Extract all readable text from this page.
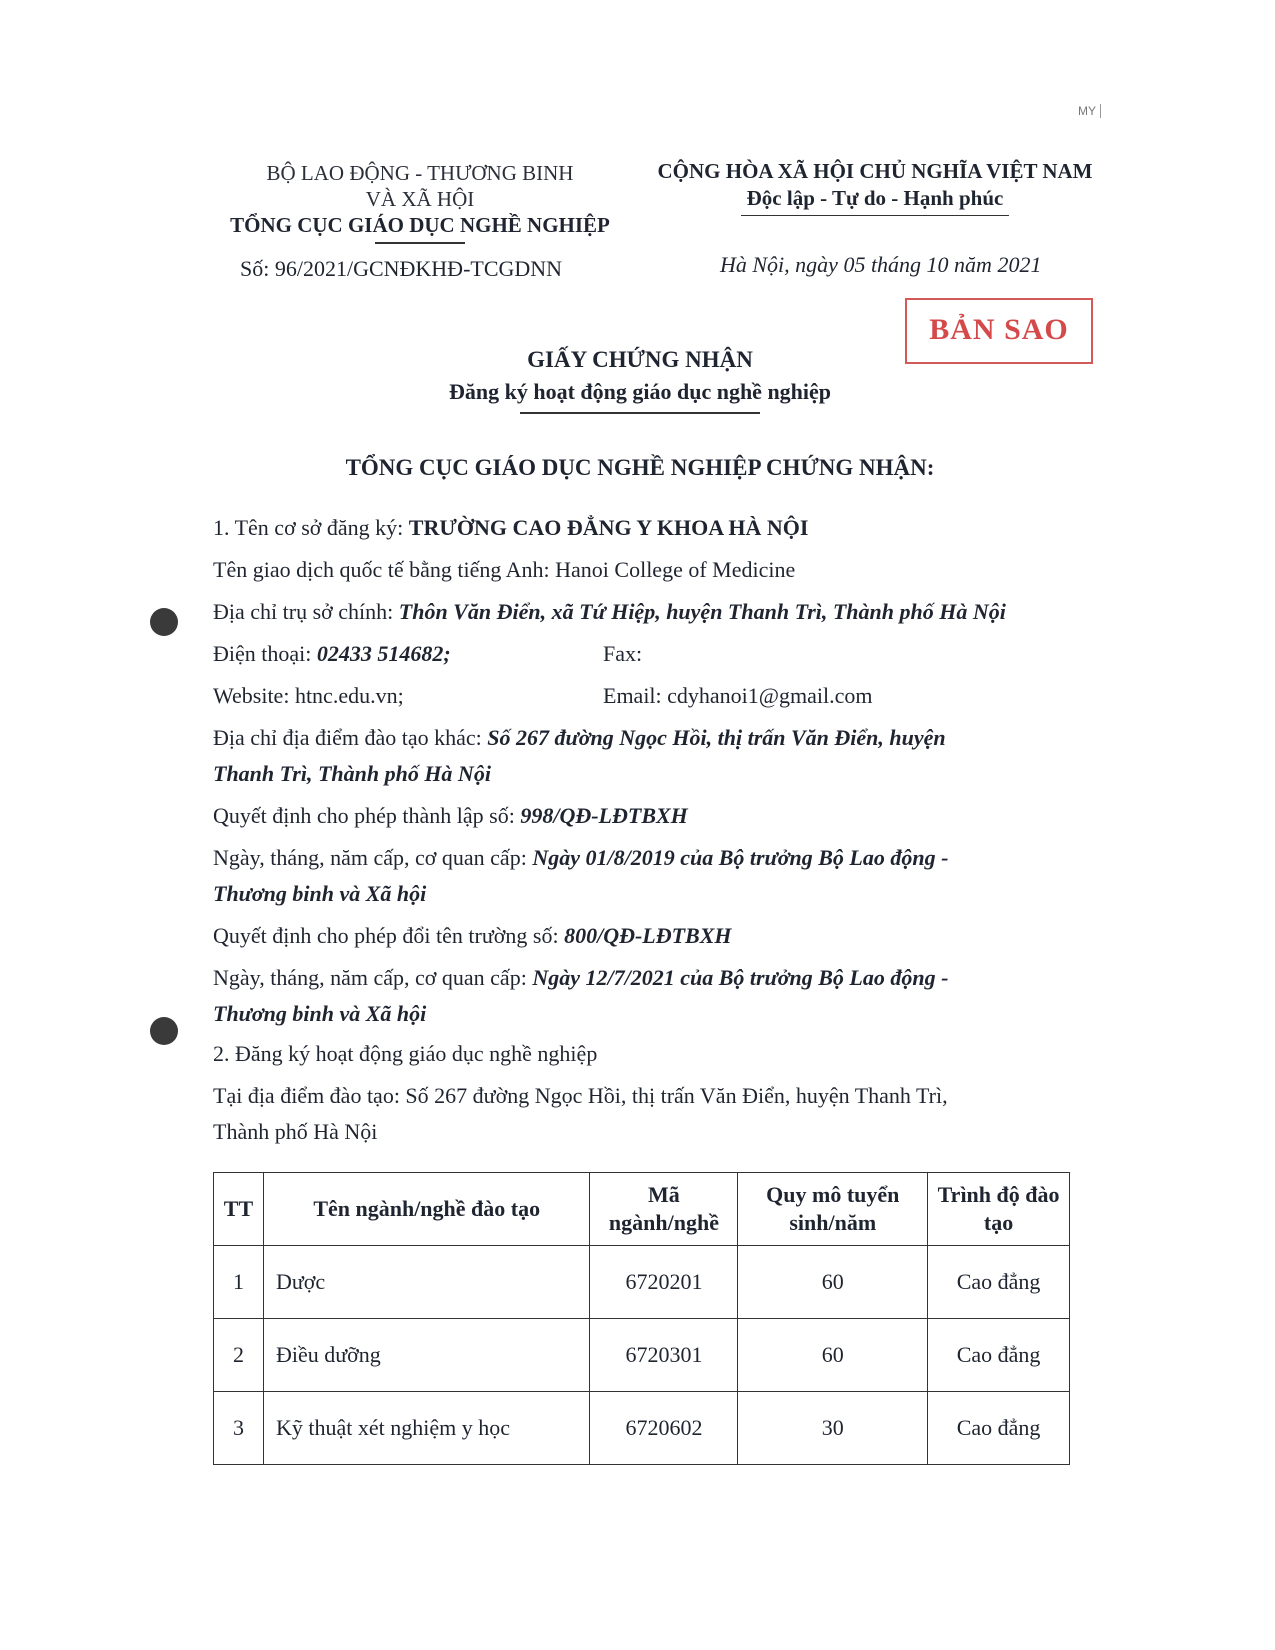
MY
BỘ LAO ĐỘNG - THƯƠNG BINH
VÀ XÃ HỘI
TỔNG CỤC GIÁO DỤC NGHỀ NGHIỆP
CỘNG HÒA XÃ HỘI CHỦ NGHĨA VIỆT NAM
Độc lập - Tự do - Hạnh phúc
Số: 96/2021/GCNĐKHĐ-TCGDNN	Hà Nội, ngày 05 tháng 10 năm 2021
BẢN SAO
GIẤY CHỨNG NHẬN
Đăng ký hoạt động giáo dục nghề nghiệp
TỔNG CỤC GIÁO DỤC NGHỀ NGHIỆP CHỨNG NHẬN:
1. Tên cơ sở đăng ký: TRƯỜNG CAO ĐẲNG Y KHOA HÀ NỘI
Tên giao dịch quốc tế bằng tiếng Anh: Hanoi College of Medicine
Địa chỉ trụ sở chính: Thôn Văn Điển, xã Tứ Hiệp, huyện Thanh Trì, Thành phố Hà Nội
Điện thoại: 02433 514682;	Fax:
Website: htnc.edu.vn;	Email: cdyhanoi1@gmail.com
Địa chỉ địa điểm đào tạo khác: Số 267 đường Ngọc Hồi, thị trấn Văn Điển, huyện
Thanh Trì, Thành phố Hà Nội
Quyết định cho phép thành lập số: 998/QĐ-LĐTBXH
Ngày, tháng, năm cấp, cơ quan cấp: Ngày 01/8/2019 của Bộ trưởng Bộ Lao động -
Thương binh và Xã hội
Quyết định cho phép đổi tên trường số: 800/QĐ-LĐTBXH
Ngày, tháng, năm cấp, cơ quan cấp: Ngày 12/7/2021 của Bộ trưởng Bộ Lao động -
Thương binh và Xã hội
2. Đăng ký hoạt động giáo dục nghề nghiệp
Tại địa điểm đào tạo: Số 267 đường Ngọc Hồi, thị trấn Văn Điển, huyện Thanh Trì,
Thành phố Hà Nội
TT	Tên ngành/nghề đào tạo	Mã ngành/nghề	Quy mô tuyển sinh/năm	Trình độ đào tạo
1	Dược	6720201	60	Cao đẳng
2	Điều dưỡng	6720301	60	Cao đẳng
3	Kỹ thuật xét nghiệm y học	6720602	30	Cao đẳng
